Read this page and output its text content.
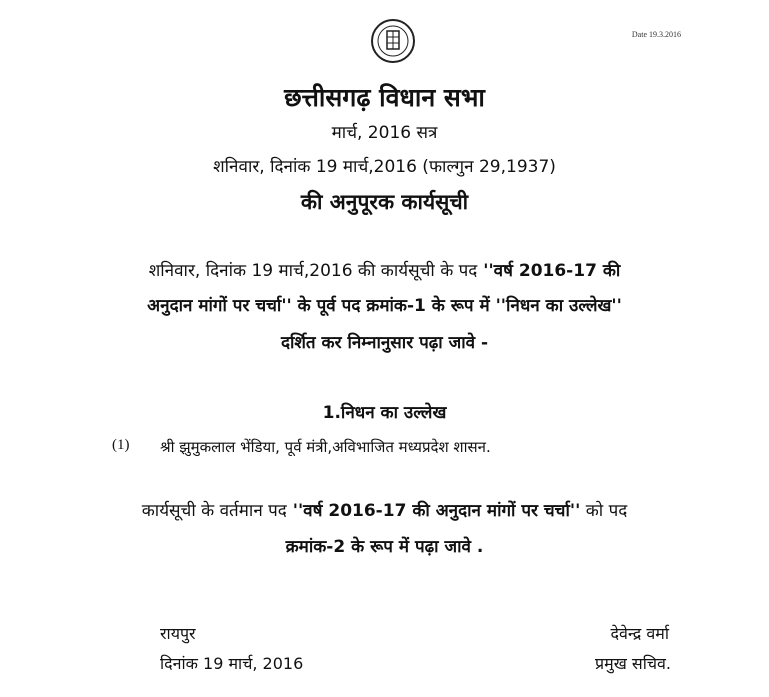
Date 19.3.2016
छत्तीसगढ़ विधान सभा
मार्च, 2016 सत्र
शनिवार, दिनांक 19 मार्च,2016 (फाल्गुन 29,1937)
की अनुपूरक कार्यसूची
शनिवार, दिनांक 19 मार्च,2016 की कार्यसूची के पद ''वर्ष 2016-17 की
अनुदान मांगों पर चर्चा'' के पूर्व पद क्रमांक-1 के रूप में ''निधन का उल्लेख''
दर्शित कर निम्नानुसार पढ़ा जावे -
1.निधन का उल्लेख
(1) श्री झुमुकलाल भेंडिया, पूर्व मंत्री,अविभाजित मध्यप्रदेश शासन.
कार्यसूची के वर्तमान पद ''वर्ष 2016-17 की अनुदान मांगों पर चर्चा'' को पद
क्रमांक-2 के रूप में पढ़ा जावे .
रायपुर
दिनांक 19 मार्च, 2016
देवेन्द्र वर्मा
प्रमुख सचिव.
